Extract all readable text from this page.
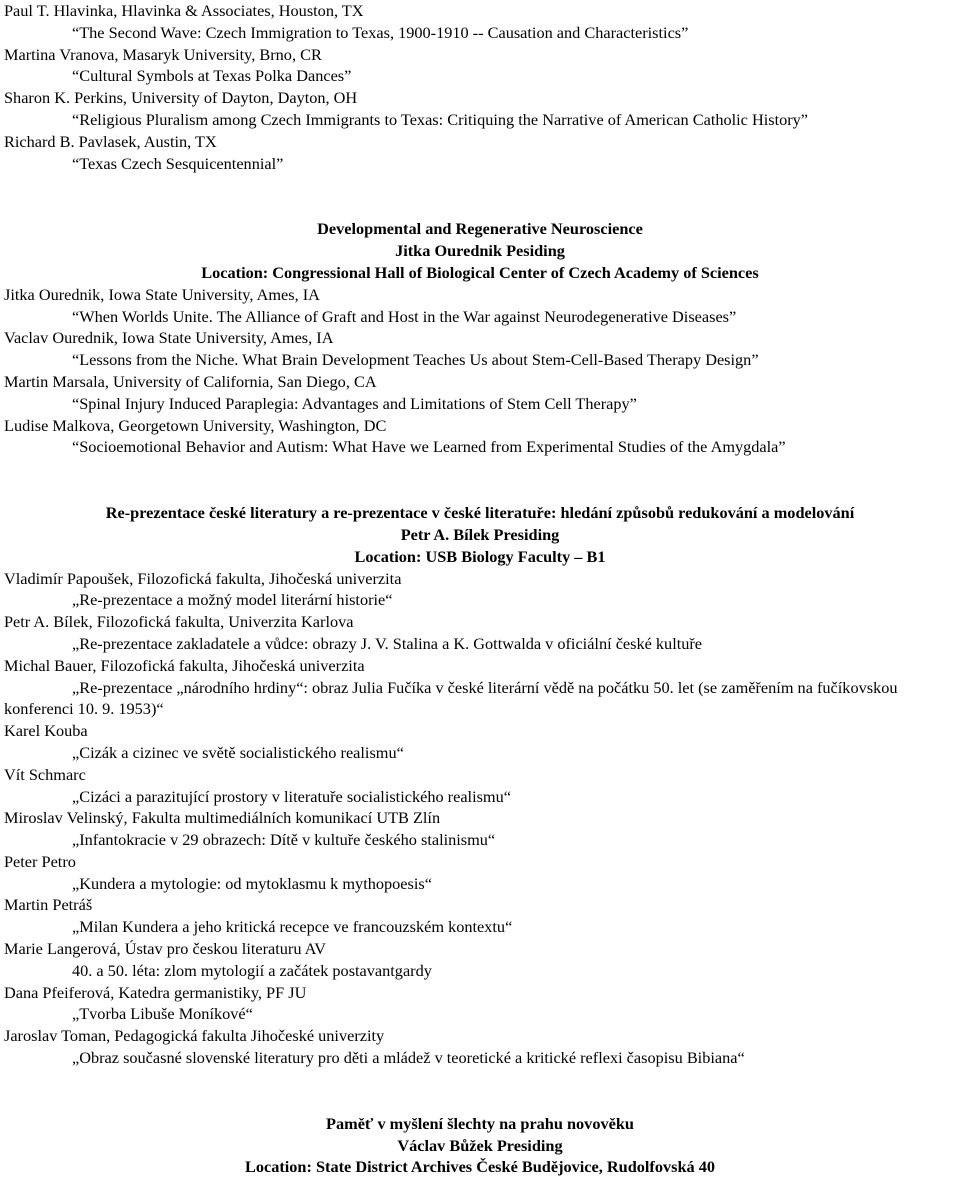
Paul T. Hlavinka, Hlavinka & Associates, Houston, TX
“The Second Wave: Czech Immigration to Texas, 1900-1910 -- Causation and Characteristics”
Martina Vranova, Masaryk University, Brno, CR
“Cultural Symbols at Texas Polka Dances”
Sharon K. Perkins, University of Dayton, Dayton, OH
“Religious Pluralism among Czech Immigrants to Texas: Critiquing the Narrative of American Catholic History”
Richard B. Pavlasek, Austin, TX
“Texas Czech Sesquicentennial”
Developmental and Regenerative Neuroscience
Jitka Ourednik Pesiding
Location: Congressional Hall of Biological Center of Czech Academy of Sciences
Jitka Ourednik, Iowa State University, Ames, IA
“When Worlds Unite. The Alliance of Graft and Host in the War against Neurodegenerative Diseases”
Vaclav Ourednik, Iowa State University, Ames, IA
“Lessons from the Niche. What Brain Development Teaches Us about Stem-Cell-Based Therapy Design”
Martin Marsala, University of California, San Diego, CA
“Spinal Injury Induced Paraplegia: Advantages and Limitations of Stem Cell Therapy”
Ludise Malkova, Georgetown University, Washington, DC
“Socioemotional Behavior and Autism: What Have we Learned from Experimental Studies of the Amygdala”
Re-prezentace české literatury a re-prezentace v české literatuře: hledání způsobů redukování a modelování
Petr A. Bílek Presiding
Location: USB Biology Faculty – B1
Vladimír Papoušek, Filozofická fakulta, Jihočeská univerzita
„Re-prezentace a možný model literární historie“
Petr A. Bílek, Filozofická fakulta, Univerzita Karlova
„Re-prezentace zakladatele a vůdce: obrazy J. V. Stalina a K. Gottwalda v oficiální české kultuře
Michal Bauer, Filozofická fakulta, Jihočeská univerzita
„Re-prezentace „národního hrdiny“: obraz Julia Fučíka v české literární vědě na počátku 50. let (se zaměřením na fučíkovskou konferenci 10. 9. 1953)“
Karel Kouba
„Cizák a cizinec ve světě socialistického realismu“
Vít Schmarc
„Cizáci a parazitující prostory v literatuře socialistického realismu“
Miroslav Velinský, Fakulta multimediálních komunikací UTB Zlín
„Infantokracie v 29 obrazech: Dítě v kultuře českého stalinismu“
Peter Petro
„Kundera a mytologie: od mytoklasmu k mythopoesis“
Martin Petráš
„Milan Kundera a jeho kritická recepce ve francouzském kontextu“
Marie Langerová, Ústav pro českou literaturu AV
40. a 50. léta: zlom mytologií a začátek postavantgardy
Dana Pfeiferová, Katedra germanistiky, PF JU
„Tvorba Libuše Moníkové“
Jaroslav Toman, Pedagogická fakulta Jihočeské univerzity
„Obraz současné slovenské literatury pro děti a mládež v teoretické a kritické reflexi časopisu Bibiana“
Paměť v myšlení šlechty na prahu novověku
Václav Bůžek Presiding
Location: State District Archives České Budějovice, Rudolfovská 40
